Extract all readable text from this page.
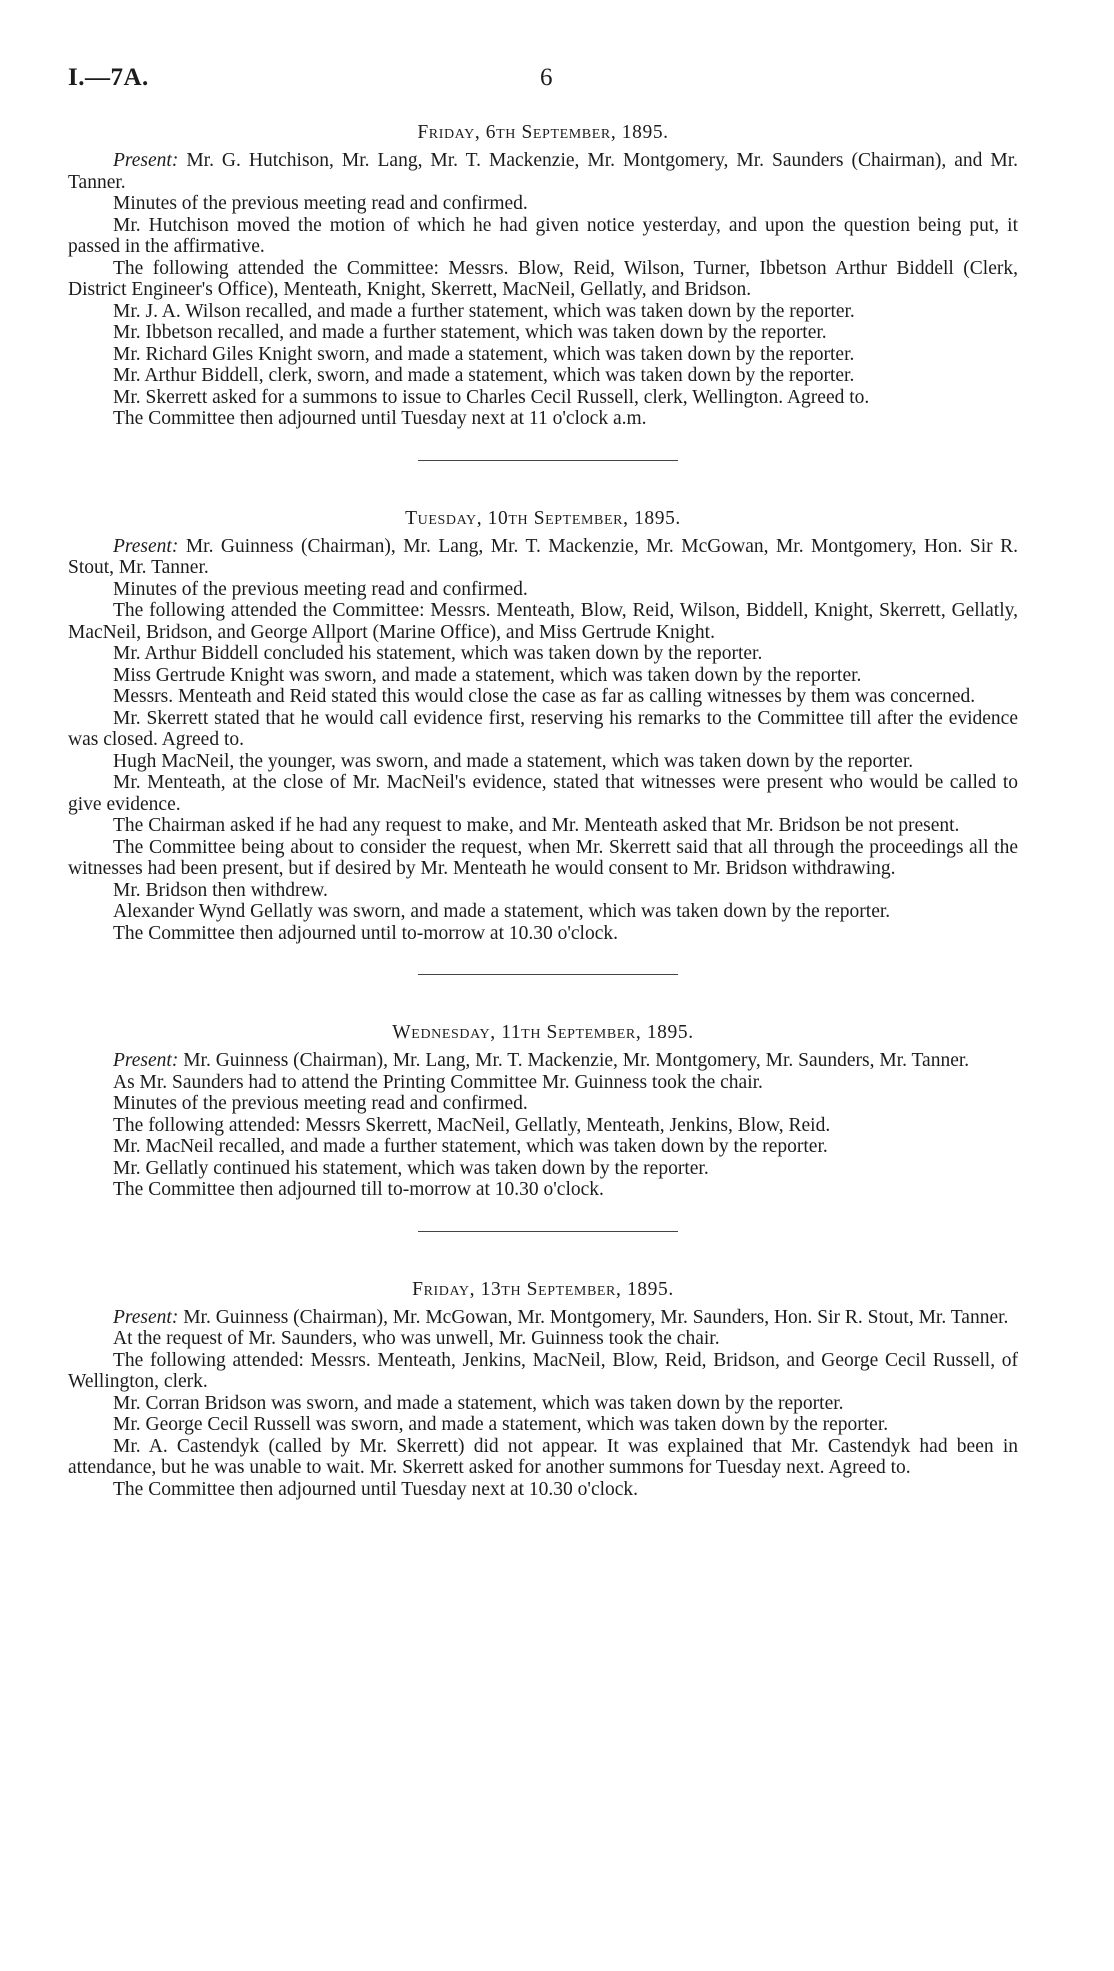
I.—7A.	6
Friday, 6th September, 1895.

Present: Mr. G. Hutchison, Mr. Lang, Mr. T. Mackenzie, Mr. Montgomery, Mr. Saunders (Chairman), and Mr. Tanner.

Minutes of the previous meeting read and confirmed.

Mr. Hutchison moved the motion of which he had given notice yesterday, and upon the question being put, it passed in the affirmative.

The following attended the Committee: Messrs. Blow, Reid, Wilson, Turner, Ibbetson Arthur Biddell (Clerk, District Engineer's Office), Menteath, Knight, Skerrett, MacNeil, Gellatly, and Bridson.

Mr. J. A. Wilson recalled, and made a further statement, which was taken down by the reporter.

Mr. Ibbetson recalled, and made a further statement, which was taken down by the reporter.

Mr. Richard Giles Knight sworn, and made a statement, which was taken down by the reporter.

Mr. Arthur Biddell, clerk, sworn, and made a statement, which was taken down by the reporter.

Mr. Skerrett asked for a summons to issue to Charles Cecil Russell, clerk, Wellington. Agreed to.

The Committee then adjourned until Tuesday next at 11 o'clock a.m.

Tuesday, 10th September, 1895.

Present: Mr. Guinness (Chairman), Mr. Lang, Mr. T. Mackenzie, Mr. McGowan, Mr. Montgomery, Hon. Sir R. Stout, Mr. Tanner.

Minutes of the previous meeting read and confirmed.

The following attended the Committee: Messrs. Menteath, Blow, Reid, Wilson, Biddell, Knight, Skerrett, Gellatly, MacNeil, Bridson, and George Allport (Marine Office), and Miss Gertrude Knight.

Mr. Arthur Biddell concluded his statement, which was taken down by the reporter.

Miss Gertrude Knight was sworn, and made a statement, which was taken down by the reporter.

Messrs. Menteath and Reid stated this would close the case as far as calling witnesses by them was concerned.

Mr. Skerrett stated that he would call evidence first, reserving his remarks to the Committee till after the evidence was closed. Agreed to.

Hugh MacNeil, the younger, was sworn, and made a statement, which was taken down by the reporter.

Mr. Menteath, at the close of Mr. MacNeil's evidence, stated that witnesses were present who would be called to give evidence.

The Chairman asked if he had any request to make, and Mr. Menteath asked that Mr. Bridson be not present.

The Committee being about to consider the request, when Mr. Skerrett said that all through the proceedings all the witnesses had been present, but if desired by Mr. Menteath he would consent to Mr. Bridson withdrawing.

Mr. Bridson then withdrew.

Alexander Wynd Gellatly was sworn, and made a statement, which was taken down by the reporter.

The Committee then adjourned until to-morrow at 10.30 o'clock.

Wednesday, 11th September, 1895.

Present: Mr. Guinness (Chairman), Mr. Lang, Mr. T. Mackenzie, Mr. Montgomery, Mr. Saunders, Mr. Tanner.

As Mr. Saunders had to attend the Printing Committee Mr. Guinness took the chair.

Minutes of the previous meeting read and confirmed.

The following attended: Messrs Skerrett, MacNeil, Gellatly, Menteath, Jenkins, Blow, Reid.

Mr. MacNeil recalled, and made a further statement, which was taken down by the reporter.

Mr. Gellatly continued his statement, which was taken down by the reporter.

The Committee then adjourned till to-morrow at 10.30 o'clock.

Friday, 13th September, 1895.

Present: Mr. Guinness (Chairman), Mr. McGowan, Mr. Montgomery, Mr. Saunders, Hon. Sir R. Stout, Mr. Tanner.

At the request of Mr. Saunders, who was unwell, Mr. Guinness took the chair.

The following attended: Messrs. Menteath, Jenkins, MacNeil, Blow, Reid, Bridson, and George Cecil Russell, of Wellington, clerk.

Mr. Corran Bridson was sworn, and made a statement, which was taken down by the reporter.

Mr. George Cecil Russell was sworn, and made a statement, which was taken down by the reporter.

Mr. A. Castendyk (called by Mr. Skerrett) did not appear. It was explained that Mr. Castendyk had been in attendance, but he was unable to wait. Mr. Skerrett asked for another summons for Tuesday next. Agreed to.

The Committee then adjourned until Tuesday next at 10.30 o'clock.
